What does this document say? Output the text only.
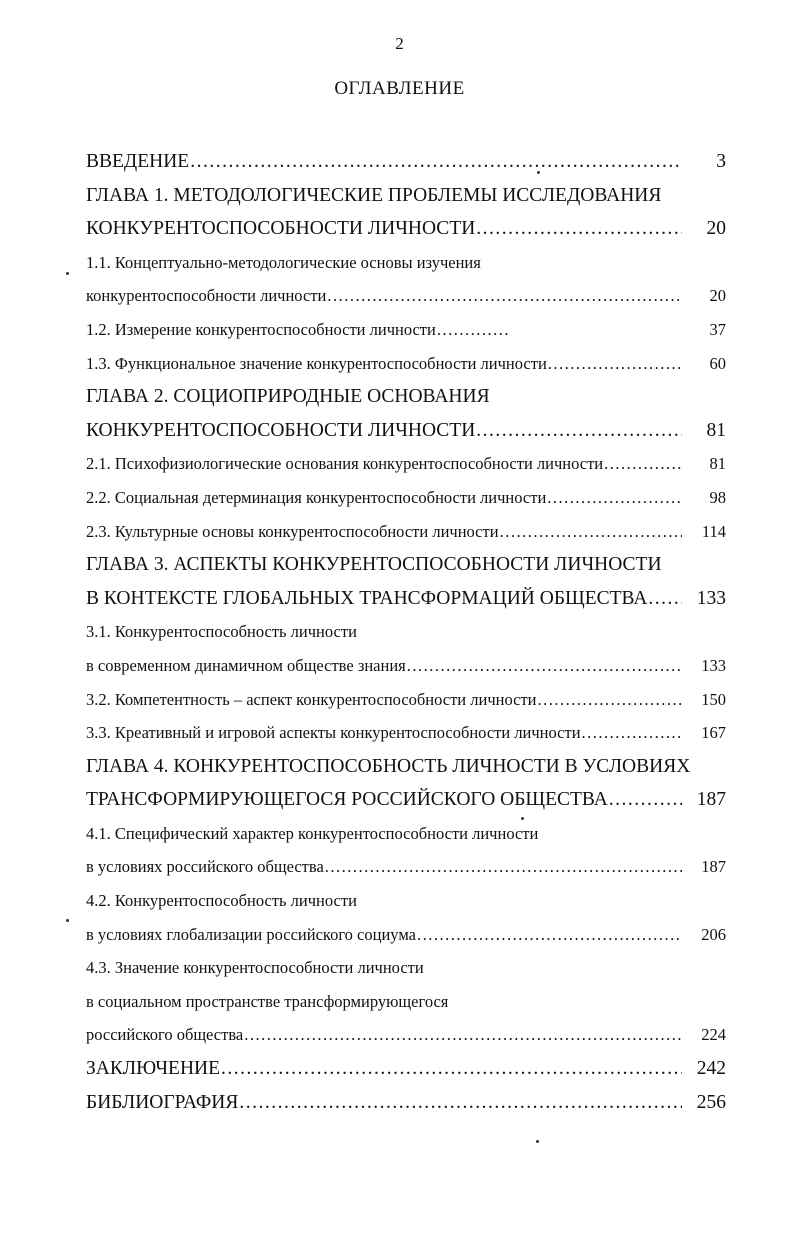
2
ОГЛАВЛЕНИЕ
ВВЕДЕНИЕ .....	3
ГЛАВА 1. МЕТОДОЛОГИЧЕСКИЕ ПРОБЛЕМЫ ИССЛЕДОВАНИЯ
КОНКУРЕНТОСПОСОБНОСТИ ЛИЧНОСТИ .....	20
1.1. Концептуально-методологические основы изучения
конкурентоспособности личности .....	20
1.2. Измерение конкурентоспособности личности .....	37
1.3. Функциональное значение конкурентоспособности личности .....	60
ГЛАВА 2. СОЦИОПРИРОДНЫЕ ОСНОВАНИЯ
КОНКУРЕНТОСПОСОБНОСТИ ЛИЧНОСТИ .....	81
2.1. Психофизиологические основания конкурентоспособности личности .....	81
2.2. Социальная детерминация конкурентоспособности личности .....	98
2.3. Культурные основы конкурентоспособности личности .....	114
ГЛАВА 3. АСПЕКТЫ КОНКУРЕНТОСПОСОБНОСТИ ЛИЧНОСТИ
В КОНТЕКСТЕ ГЛОБАЛЬНЫХ ТРАНСФОРМАЦИЙ ОБЩЕСТВА .....	133
3.1. Конкурентоспособность личности
в современном динамичном обществе знания .....	133
3.2. Компетентность – аспект конкурентоспособности личности .....	150
3.3. Креативный и игровой аспекты конкурентоспособности личности .....	167
ГЛАВА 4. КОНКУРЕНТОСПОСОБНОСТЬ ЛИЧНОСТИ В УСЛОВИЯХ
ТРАНСФОРМИРУЮЩЕГОСЯ РОССИЙСКОГО ОБЩЕСТВА .....	187
4.1. Специфический характер конкурентоспособности личности
в условиях российского общества .....	187
4.2. Конкурентоспособность личности
в условиях глобализации российского социума .....	206
4.3. Значение конкурентоспособности личности
в социальном пространстве трансформирующегося
российского общества .....	224
ЗАКЛЮЧЕНИЕ .....	242
БИБЛИОГРАФИЯ .....	256
